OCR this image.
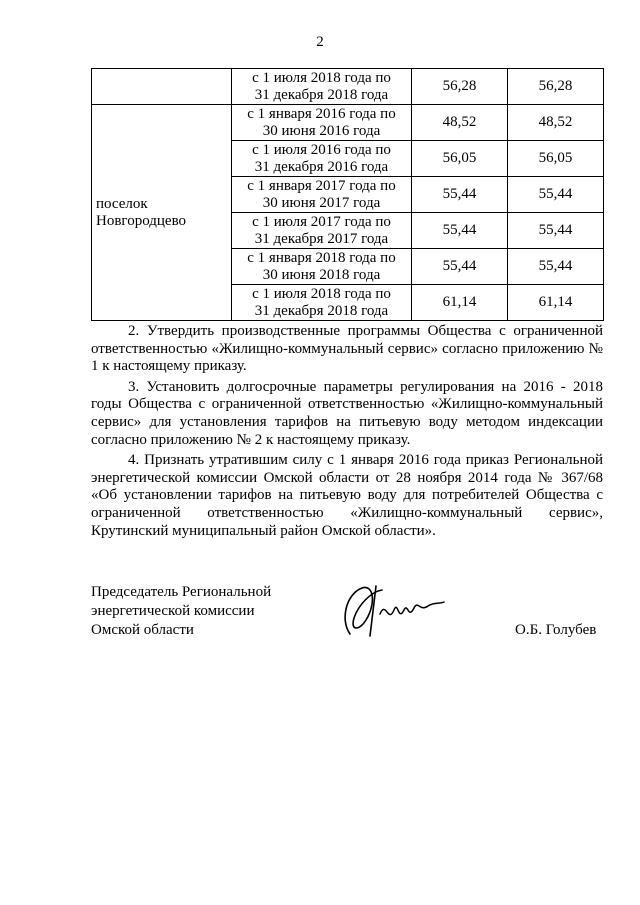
2
	с 1 июля 2018 года по
31 декабря 2018 года	56,28	56,28
поселок
Новгородцево	с 1 января 2016 года по
30 июня 2016 года	48,52	48,52
	с 1 июля 2016 года по
31 декабря 2016 года	56,05	56,05
	с 1 января 2017 года по
30 июня 2017 года	55,44	55,44
	с 1 июля 2017 года по
31 декабря 2017 года	55,44	55,44
	с 1 января 2018 года по
30 июня 2018 года	55,44	55,44
	с 1 июля 2018 года по
31 декабря 2018 года	61,14	61,14

2. Утвердить производственные программы Общества с ограниченной ответственностью «Жилищно-коммунальный сервис» согласно приложению № 1 к настоящему приказу.

3. Установить долгосрочные параметры регулирования на 2016 - 2018 годы Общества с ограниченной ответственностью «Жилищно-коммунальный сервис» для установления тарифов на питьевую воду методом индексации согласно приложению № 2 к настоящему приказу.

4. Признать утратившим силу с 1 января 2016 года приказ Региональной энергетической комиссии Омской области от 28 ноября 2014 года № 367/68 «Об установлении тарифов на питьевую воду для потребителей Общества с ограниченной ответственностью «Жилищно-коммунальный сервис», Крутинский муниципальный район Омской области».

Председатель Региональной
энергетической комиссии
Омской области	О.Б. Голубев
